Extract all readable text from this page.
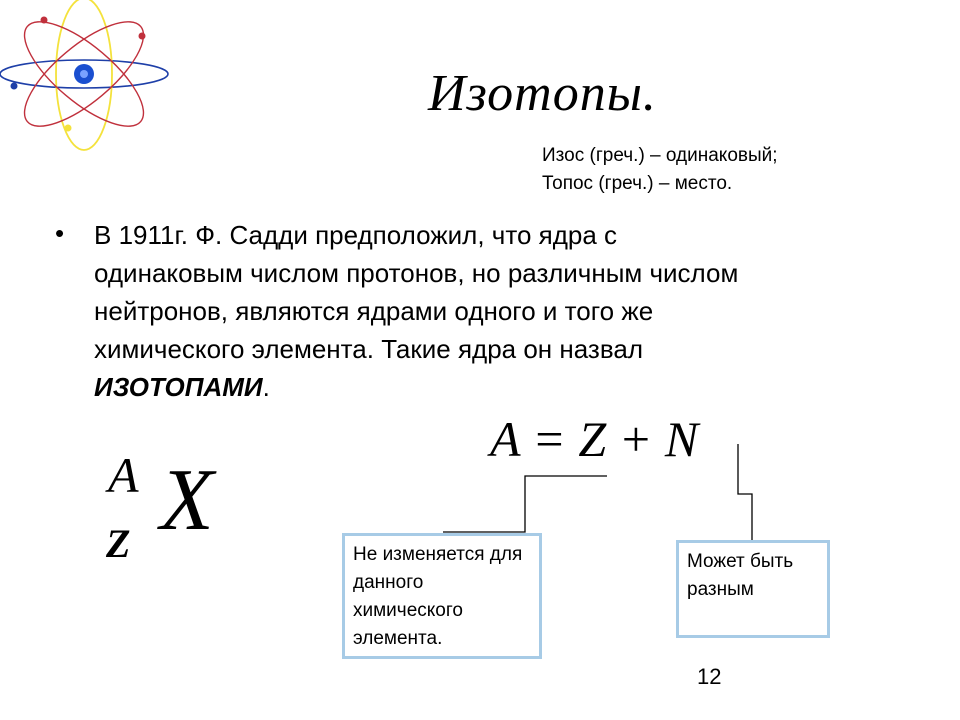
Изотопы.
Изос (греч.) – одинаковый;
Топос (греч.) – место.
• В 1911г. Ф. Садди предположил, что ядра с
одинаковым числом протонов, но различным числом
нейтронов, являются ядрами одного и того же
химического элемента. Такие ядра он назвал
ИЗОТОПАМИ.
A
Z X
A = Z + N
Не изменяется для данного химического элемента.
Может быть разным
12
